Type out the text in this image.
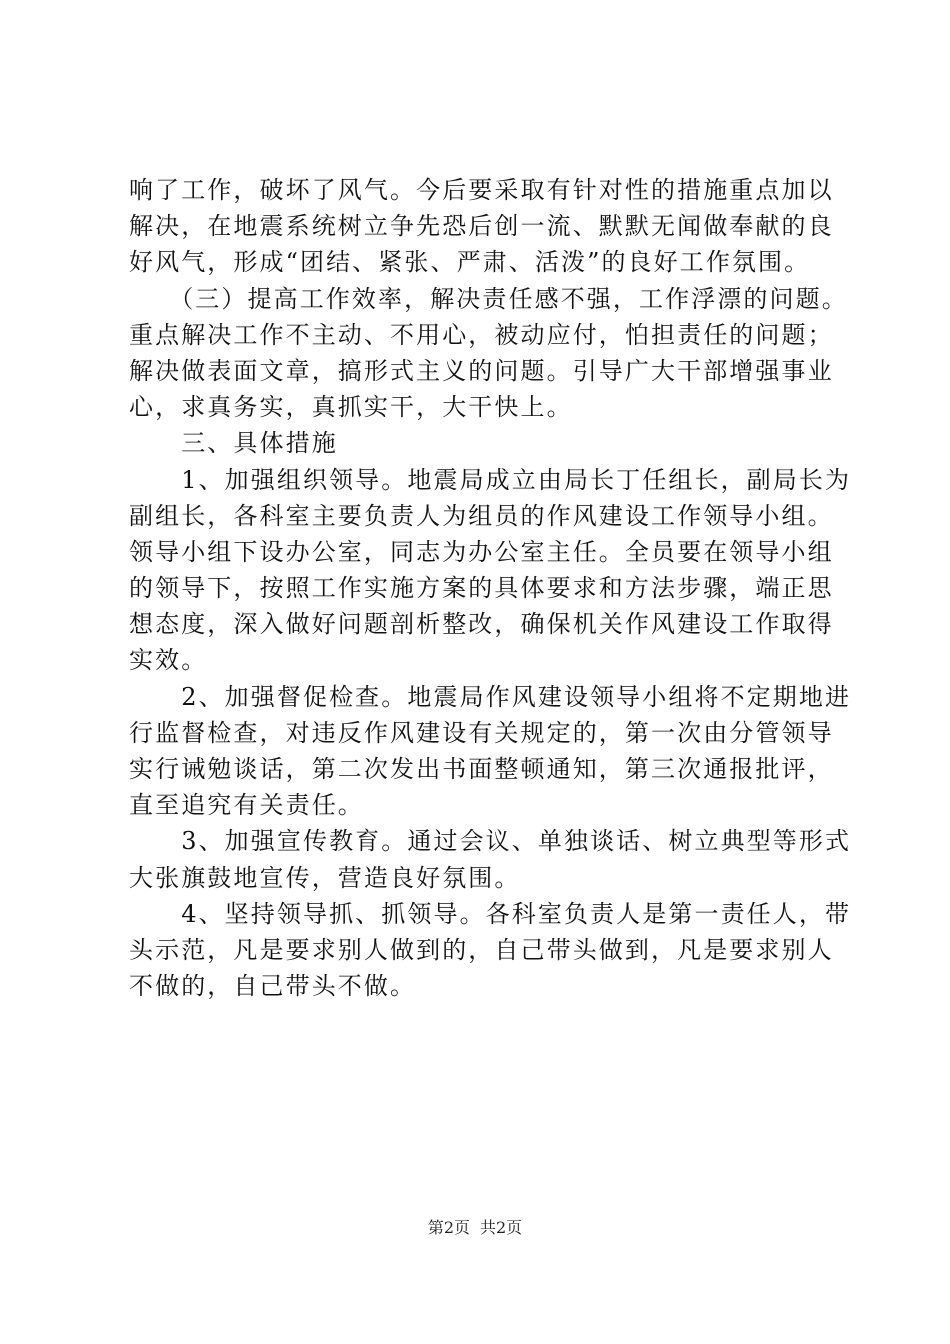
响了工作，破坏了风气。今后要采取有针对性的措施重点加以
解决，在地震系统树立争先恐后创一流、默默无闻做奉献的良
好风气，形成“团结、紧张、严肃、活泼”的良好工作氛围。
　　（三）提高工作效率，解决责任感不强，工作浮漂的问题。
重点解决工作不主动、不用心，被动应付，怕担责任的问题；
解决做表面文章，搞形式主义的问题。引导广大干部增强事业
心，求真务实，真抓实干，大干快上。
　　三、具体措施
　　1、加强组织领导。地震局成立由局长丁任组长，副局长为
副组长，各科室主要负责人为组员的作风建设工作领导小组。
领导小组下设办公室，同志为办公室主任。全员要在领导小组
的领导下，按照工作实施方案的具体要求和方法步骤，端正思
想态度，深入做好问题剖析整改，确保机关作风建设工作取得
实效。
　　2、加强督促检查。地震局作风建设领导小组将不定期地进
行监督检查，对违反作风建设有关规定的，第一次由分管领导
实行诫勉谈话，第二次发出书面整顿通知，第三次通报批评，
直至追究有关责任。
　　3、加强宣传教育。通过会议、单独谈话、树立典型等形式
大张旗鼓地宣传，营造良好氛围。
　　4、坚持领导抓、抓领导。各科室负责人是第一责任人，带
头示范，凡是要求别人做到的，自己带头做到，凡是要求别人
不做的，自己带头不做。
第2页 共2页
